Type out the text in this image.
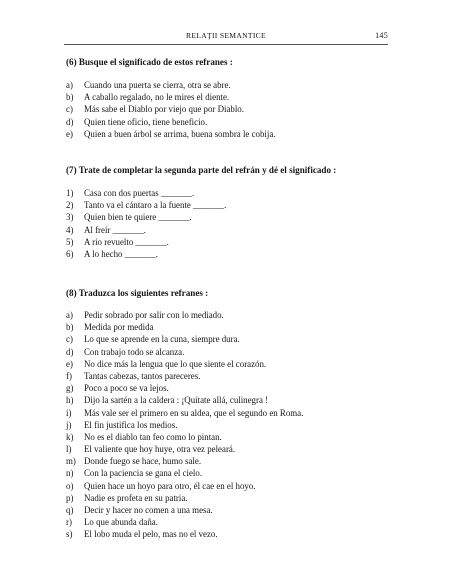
RELAŢII SEMANTICE	145
(6) Busque el significado de estos refranes :
a) Cuando una puerta se cierra, otra se abre.
b) A caballo regalado, no le mires el diente.
c) Más sabe el Diablo por viejo que por Diablo.
d) Quien tiene oficio, tiene beneficio.
e) Quien a buen árbol se arrima, buena sombra le cobija.
(7) Trate de completar la segunda parte del refrán y dé el significado :
1) Casa con dos puertas _______.
2) Tanto va el cántaro a la fuente _______.
3) Quien bien te quiere _______.
4) Al freír _______.
5) A río revuelto _______.
6) A lo hecho _______.
(8) Traduzca los siguientes refranes :
a) Pedir sobrado por salir con lo mediado.
b) Medida por medida
c) Lo que se aprende en la cuna, siempre dura.
d) Con trabajo todo se alcanza.
e) No dice más la lengua que lo que siente el corazón.
f) Tantas cabezas, tantos pareceres.
g) Poco a poco se va lejos.
h) Dijo la sartén a la caldera : ¡Quítate allá, culinegra !
i) Más vale ser el primero en su aldea, que el segundo en Roma.
j) El fin justifica los medios.
k) No es el diablo tan feo como lo pintan.
l) El valiente que hoy huye, otra vez peleará.
m) Donde fuego se hace, humo sale.
n) Con la paciencia se gana el cielo.
o) Quien hace un hoyo para otro, él cae en el hoyo.
p) Nadie es profeta en su patria.
q) Decir y hacer no comen a una mesa.
r) Lo que abunda daña.
s) El lobo muda el pelo, mas no el vezo.
